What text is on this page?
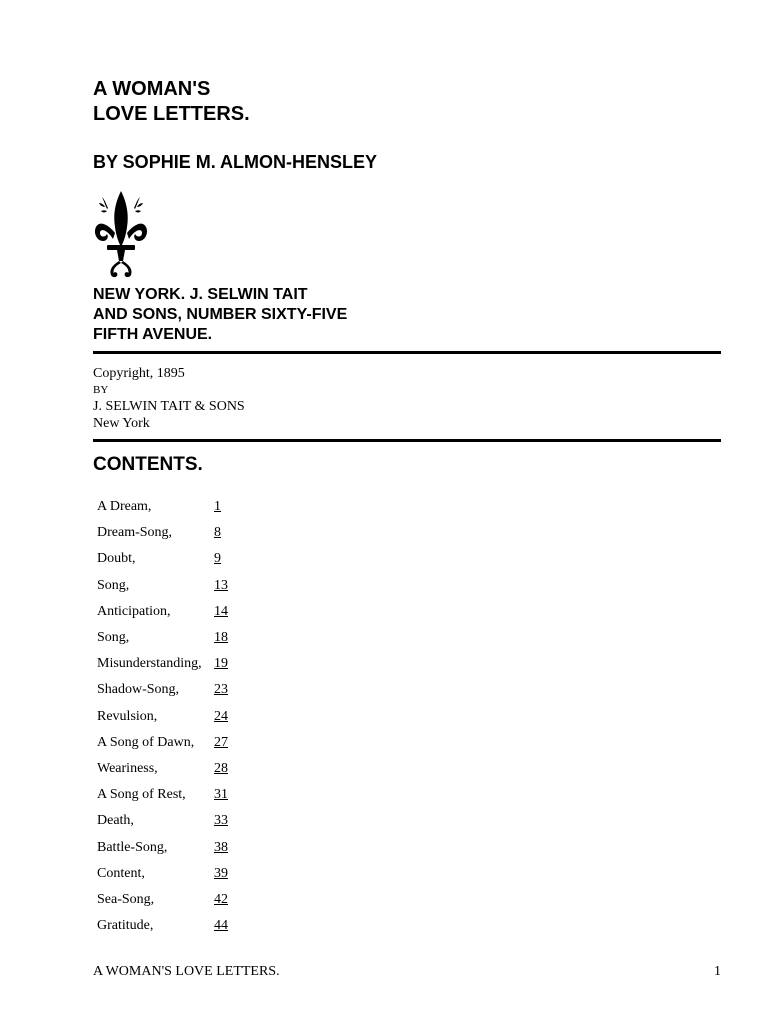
A WOMAN'S
LOVE LETTERS.
BY SOPHIE M. ALMON-HENSLEY
NEW YORK. J. SELWIN TAIT
AND SONS, NUMBER SIXTY-FIVE
FIFTH AVENUE.
Copyright, 1895
BY
J. SELWIN TAIT & SONS
New York
CONTENTS.
A Dream,	1
Dream-Song,	8
Doubt,	9
Song,	13
Anticipation,	14
Song,	18
Misunderstanding,	19
Shadow-Song,	23
Revulsion,	24
A Song of Dawn,	27
Weariness,	28
A Song of Rest,	31
Death,	33
Battle-Song,	38
Content,	39
Sea-Song,	42
Gratitude,	44
A WOMAN'S LOVE LETTERS.	1
